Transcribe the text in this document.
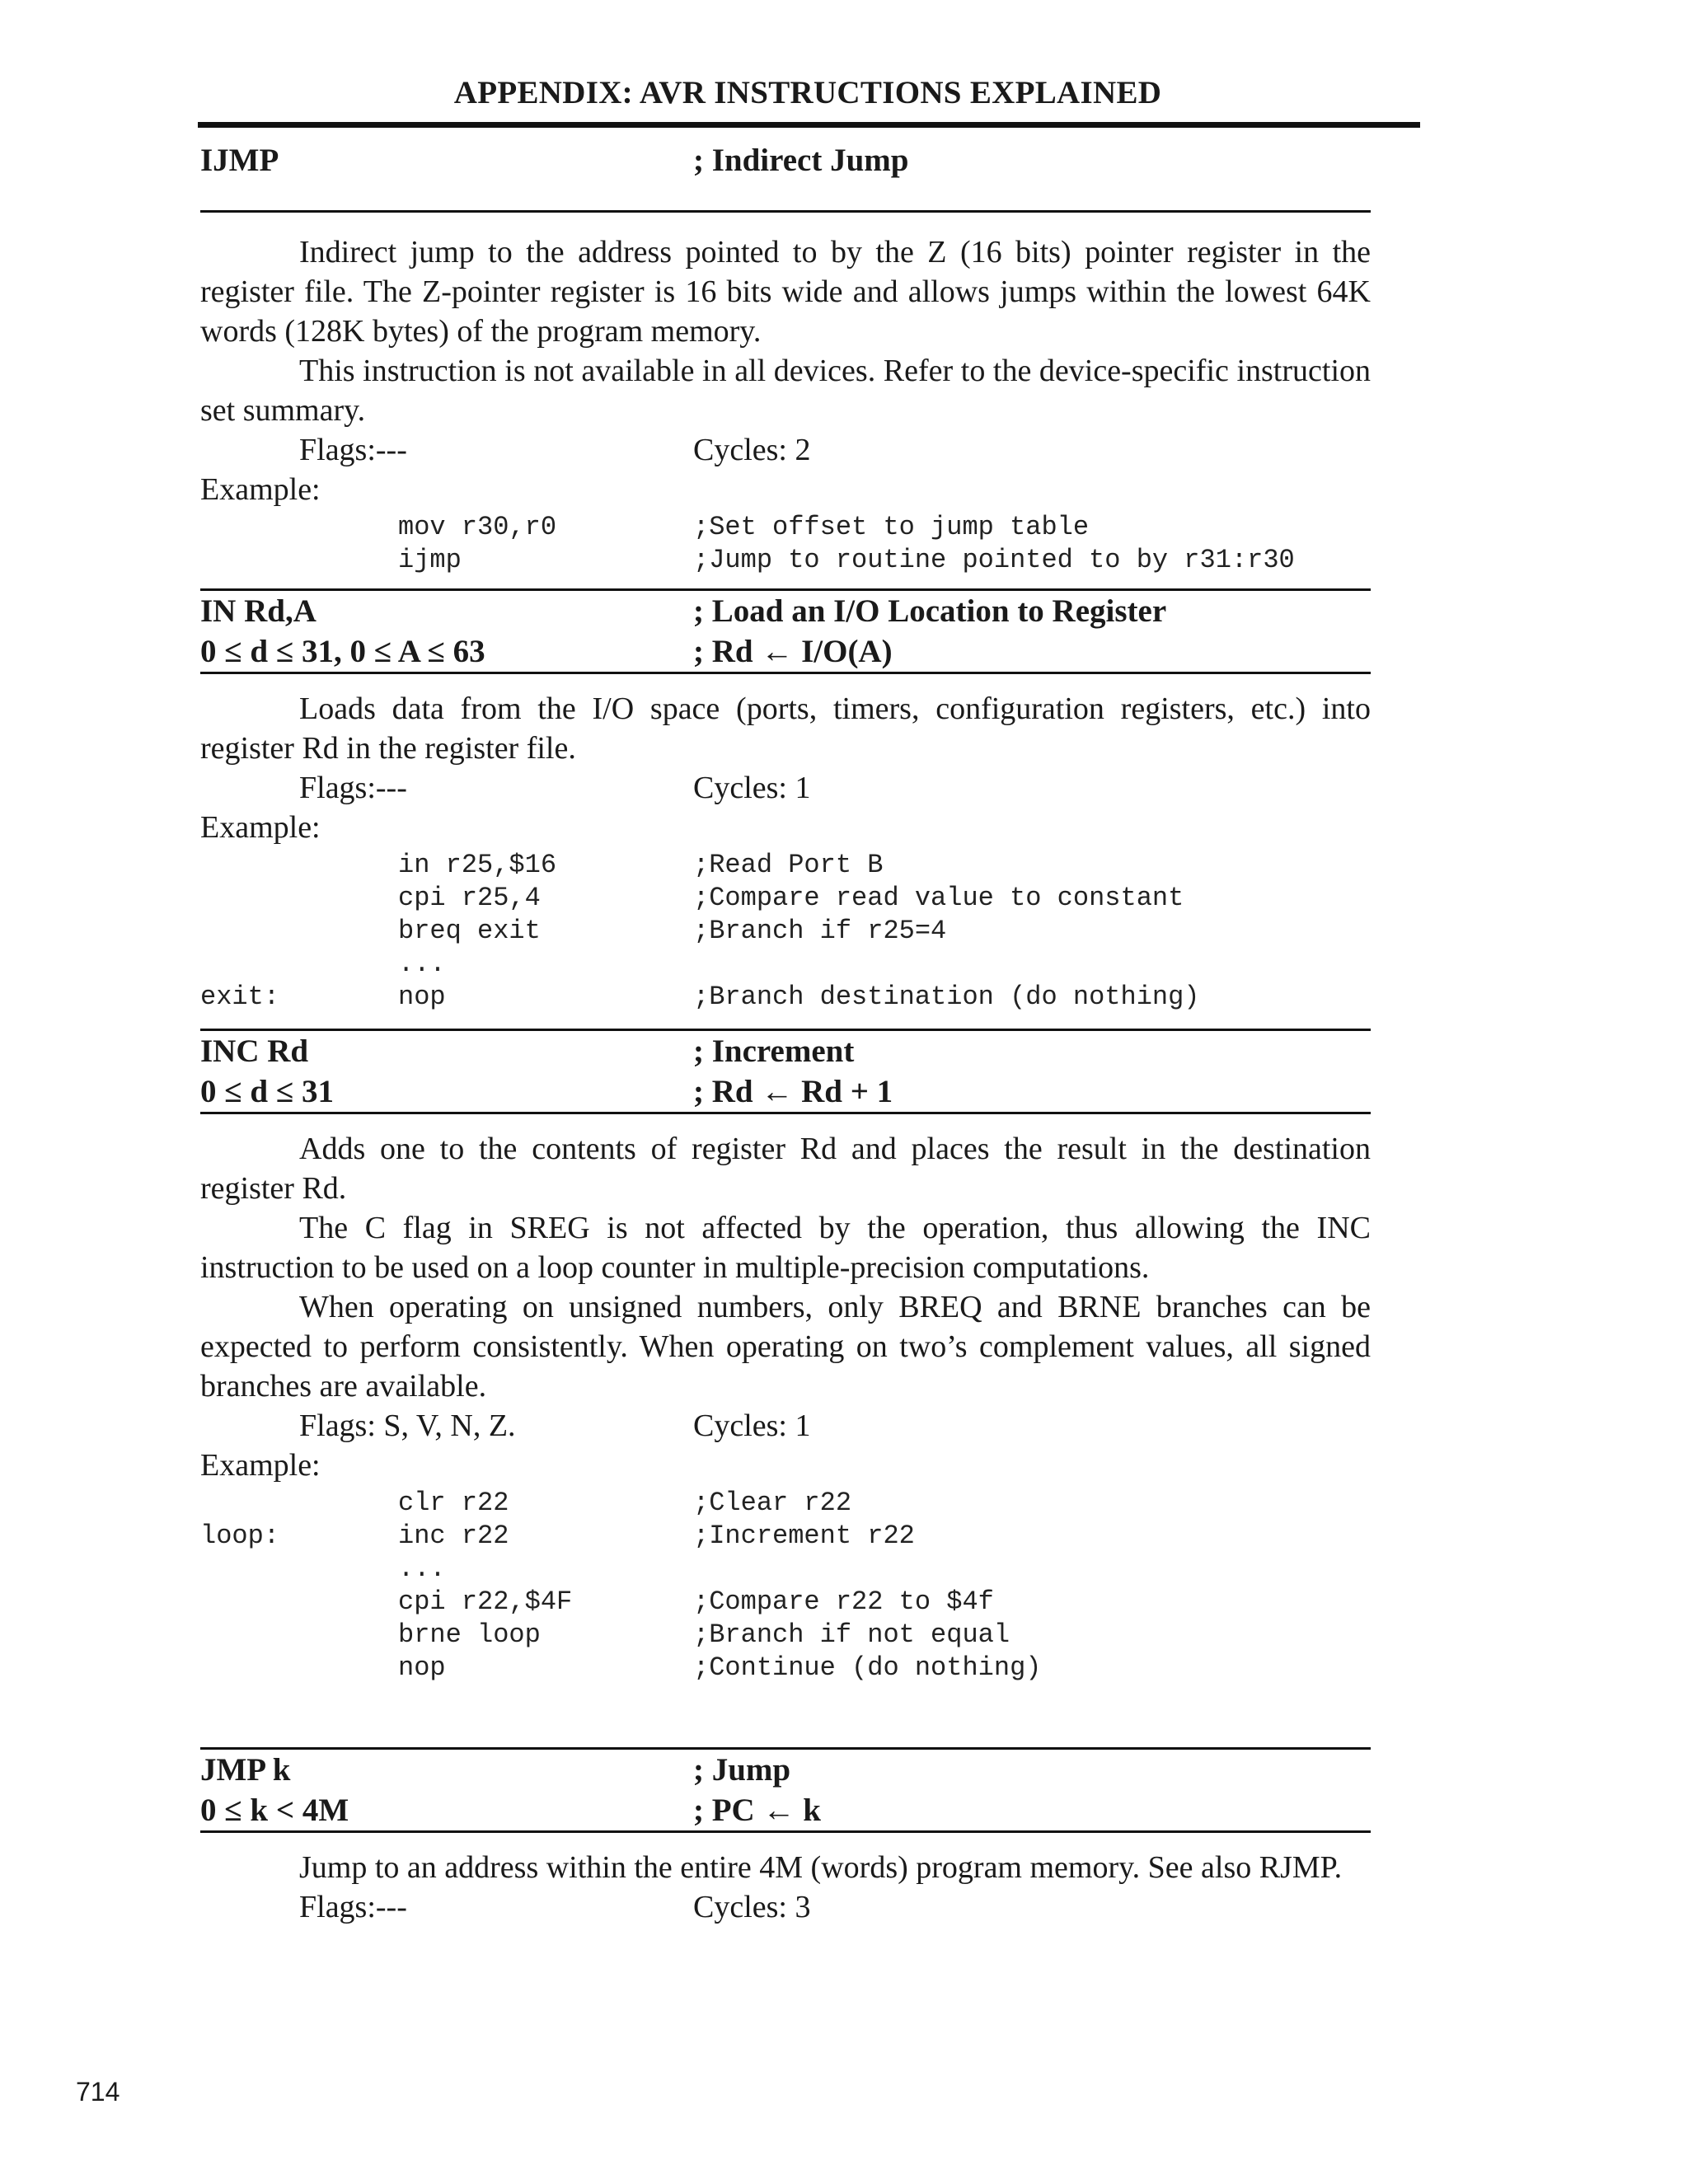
APPENDIX: AVR INSTRUCTIONS EXPLAINED
IJMP	; Indirect Jump

Indirect jump to the address pointed to by the Z (16 bits) pointer register in the register file. The Z-pointer register is 16 bits wide and allows jumps within the lowest 64K words (128K bytes) of the program memory.

This instruction is not available in all devices. Refer to the device-specific instruction set summary.

Flags:---	Cycles: 2
Example:
mov r30,r0	;Set offset to jump table
ijmp	;Jump to routine pointed to by r31:r30
IN Rd,A	; Load an I/O Location to Register
0 ≤ d ≤ 31, 0 ≤ A ≤ 63	; Rd ← I/O(A)

Loads data from the I/O space (ports, timers, configuration registers, etc.) into register Rd in the register file.

Flags:---	Cycles: 1
Example:
in r25,$16	;Read Port B
cpi r25,4	;Compare read value to constant
breq exit	;Branch if r25=4
...
exit:	nop	;Branch destination (do nothing)
INC Rd	; Increment
0 ≤ d ≤ 31	; Rd ← Rd + 1

Adds one to the contents of register Rd and places the result in the destination register Rd.

The C flag in SREG is not affected by the operation, thus allowing the INC instruction to be used on a loop counter in multiple-precision computations.

When operating on unsigned numbers, only BREQ and BRNE branches can be expected to perform consistently. When operating on two’s complement values, all signed branches are available.

Flags: S, V, N, Z.	Cycles: 1
Example:
clr r22	;Clear r22
loop:	inc r22	;Increment r22
...
cpi r22,$4F	;Compare r22 to $4f
brne loop	;Branch if not equal
nop	;Continue (do nothing)
JMP k	; Jump
0 ≤ k < 4M	; PC ← k

Jump to an address within the entire 4M (words) program memory. See also RJMP.

Flags:---	Cycles: 3
714
